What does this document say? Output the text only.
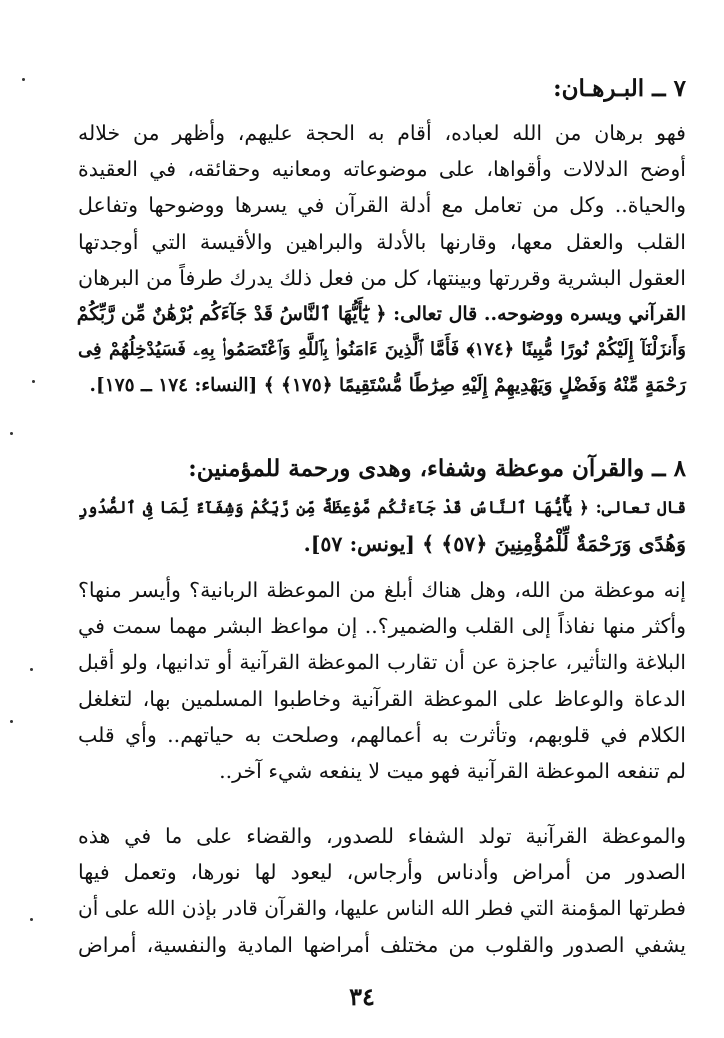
٧ ــ البـرهـان:
فهو برهان من الله لعباده، أقام به الحجة عليهم، وأظهر من خلاله
أوضح الدلالات وأقواها، على موضوعاته ومعانيه وحقائقه، في العقيدة
والحياة.. وكل من تعامل مع أدلة القرآن في يسرها ووضوحها وتفاعل
القلب والعقل معها، وقارنها بالأدلة والبراهين والأقيسة التي أوجدتها
العقول البشرية وقررتها وبينتها، كل من فعل ذلك يدرك طرفاً من البرهان
القرآني ويسره ووضوحه.. قال تعالى: ﴿ يَٰٓأَيُّهَا ٱلنَّاسُ قَدْ جَآءَكُم بُرْهَٰنٌ مِّن رَّبِّكُمْ
وَأَنزَلْنَآ إِلَيْكُمْ نُورًا مُّبِينًا ﴿١٧٤﴾ فَأَمَّا ٱلَّذِينَ ءَامَنُوا۟ بِٱللَّهِ وَٱعْتَصَمُوا۟ بِهِۦ فَسَيُدْخِلُهُمْ فِى
رَحْمَةٍ مِّنْهُ وَفَضْلٍ وَيَهْدِيهِمْ إِلَيْهِ صِرَٰطًا مُّسْتَقِيمًا ﴿١٧٥﴾ ﴾ [النساء: ١٧٤ ــ ١٧٥].
٨ ــ والقرآن موعظة وشفاء، وهدى ورحمة للمؤمنين:
قال تعالى: ﴿ يَٰٓأَيُّهَا ٱلنَّاسُ قَدْ جَآءَتْكُم مَّوْعِظَةٌ مِّن رَّبِّكُمْ وَشِفَآءٌ لِّمَا فِى ٱلصُّدُورِ
وَهُدًى وَرَحْمَةٌ لِّلْمُؤْمِنِينَ ﴿٥٧﴾ ﴾ [يونس: ٥٧].
إنه موعظة من الله، وهل هناك أبلغ من الموعظة الربانية؟ وأيسر منها؟
وأكثر منها نفاذاً إلى القلب والضمير؟.. إن مواعظ البشر مهما سمت في
البلاغة والتأثير، عاجزة عن أن تقارب الموعظة القرآنية أو تدانيها، ولو أقبل
الدعاة والوعاظ على الموعظة القرآنية وخاطبوا المسلمين بها، لتغلغل
الكلام في قلوبهم، وتأثرت به أعمالهم، وصلحت به حياتهم.. وأي قلب
لم تنفعه الموعظة القرآنية فهو ميت لا ينفعه شيء آخر..
والموعظة القرآنية تولد الشفاء للصدور، والقضاء على ما في هذه
الصدور من أمراض وأدناس وأرجاس، ليعود لها نورها، وتعمل فيها
فطرتها المؤمنة التي فطر الله الناس عليها، والقرآن قادر بإذن الله على أن
يشفي الصدور والقلوب من مختلف أمراضها المادية والنفسية، أمراض
٣٤
